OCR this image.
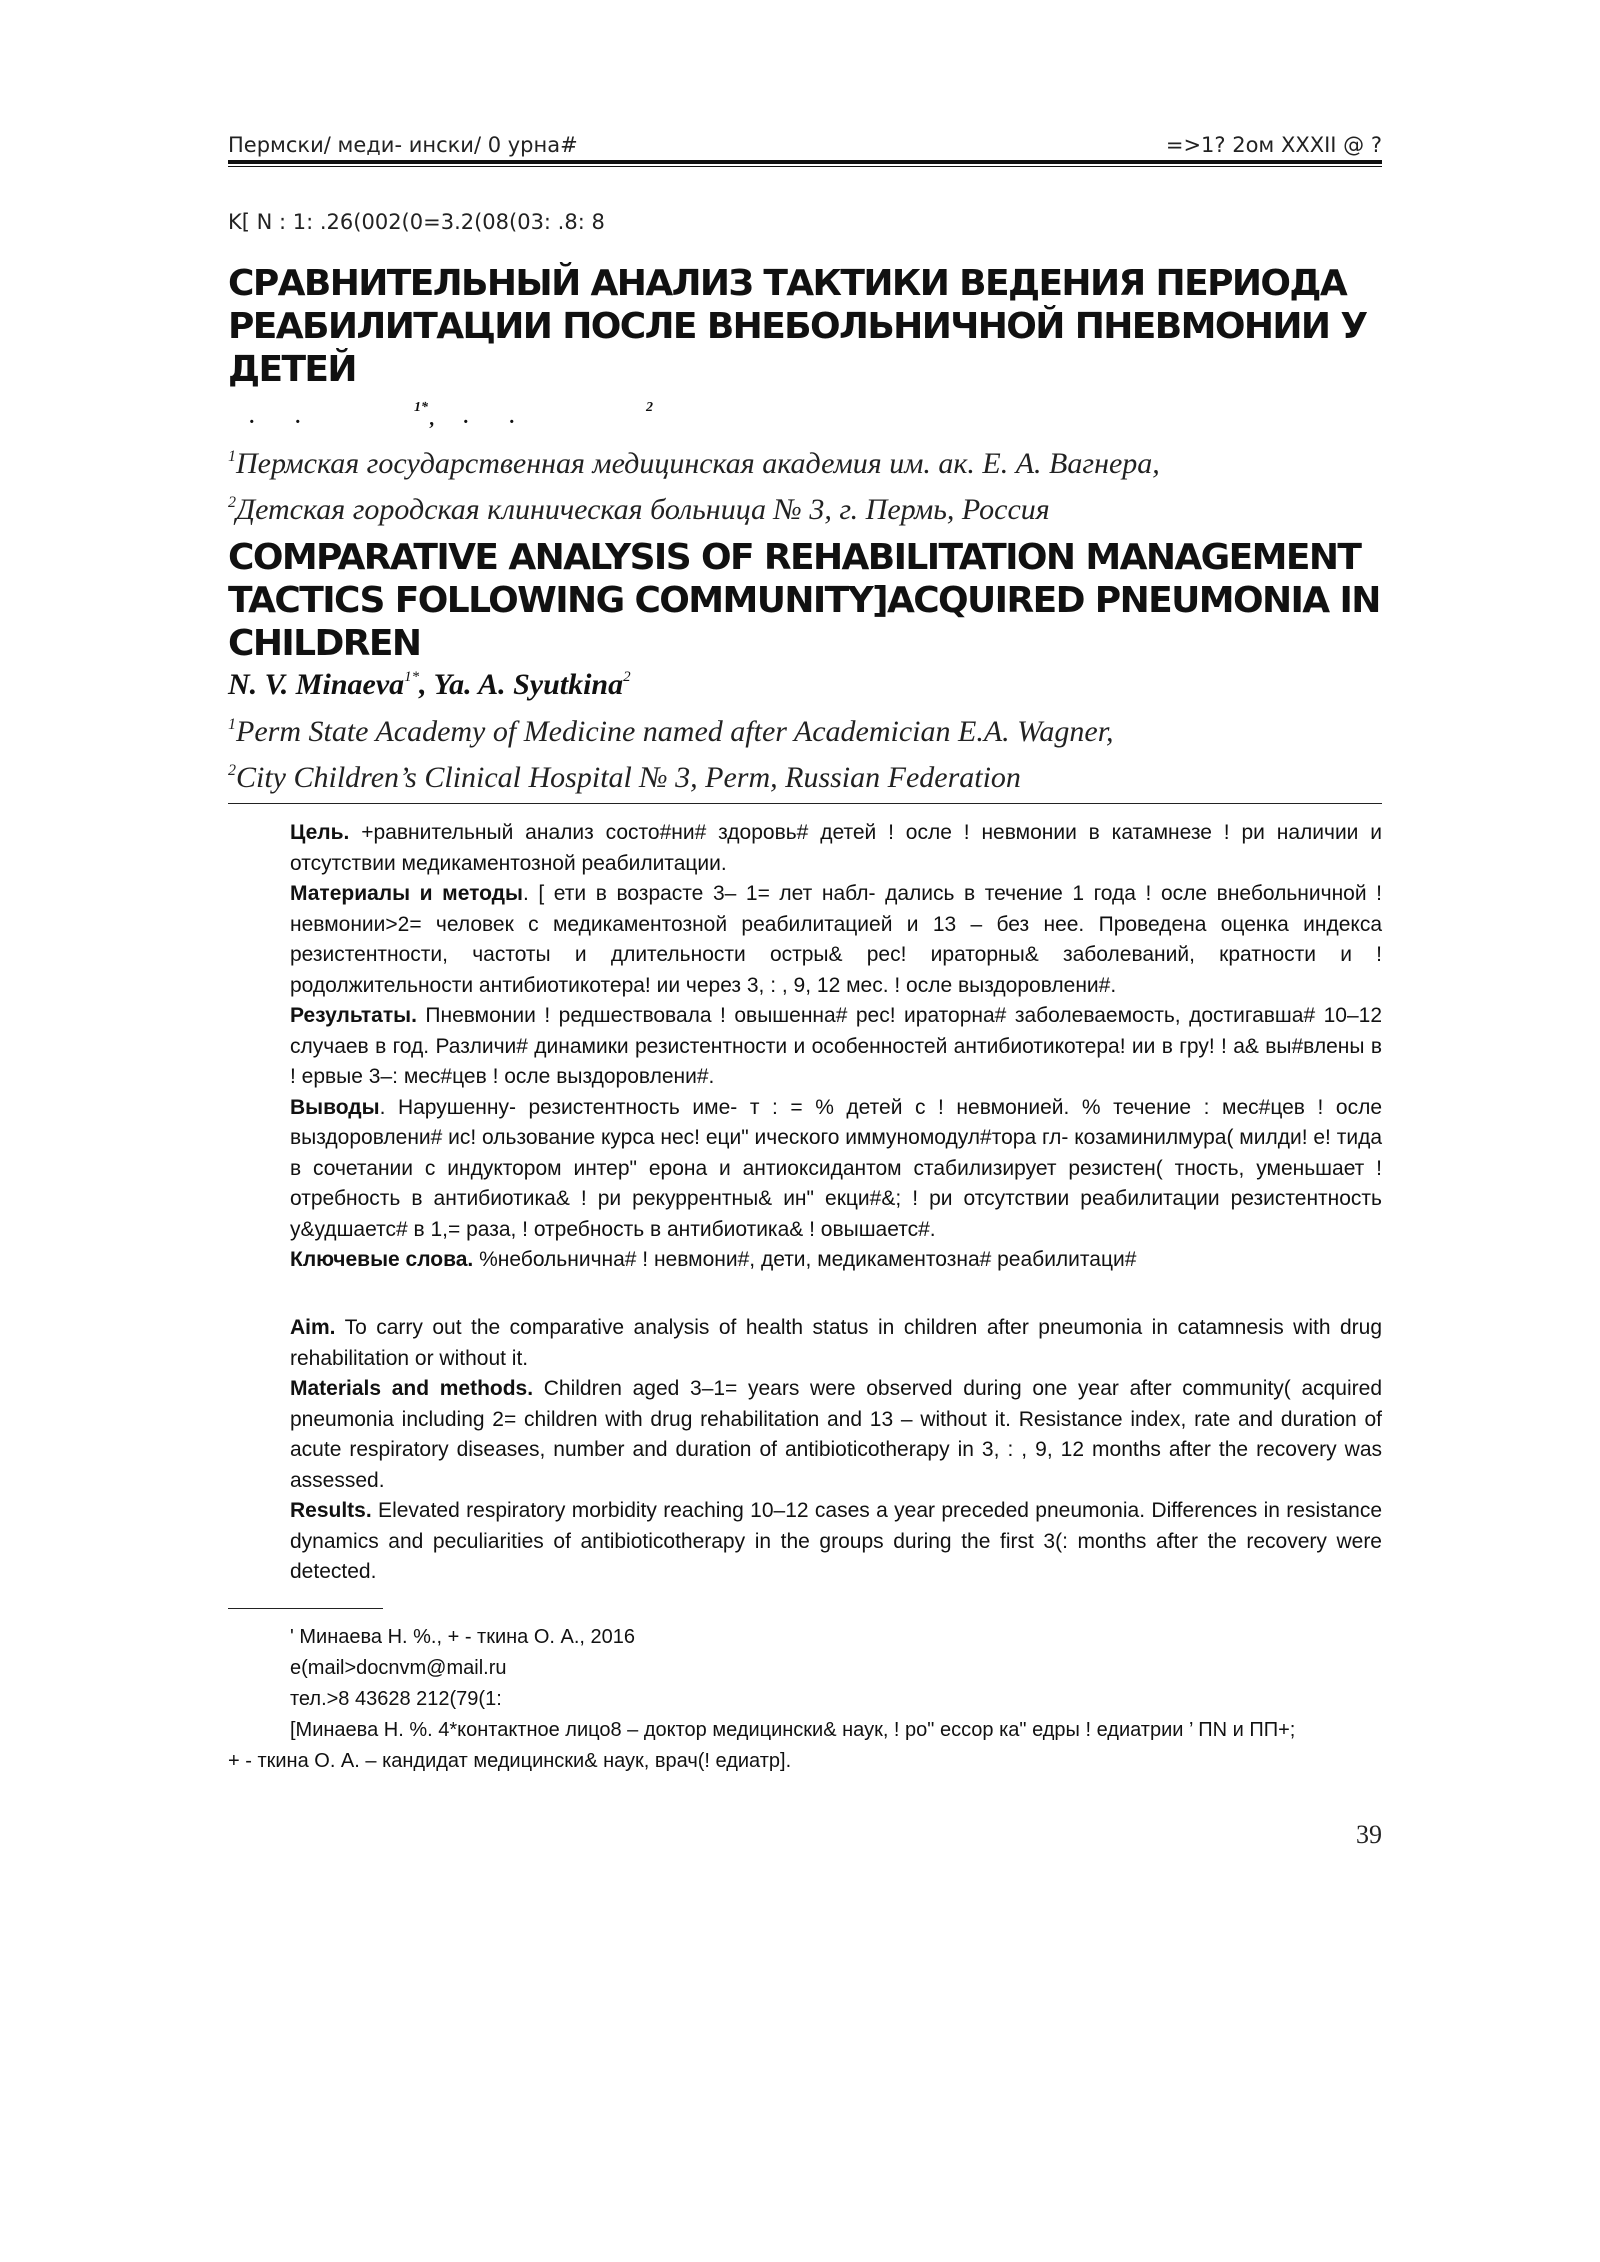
Пермски/ меди- ински/ 0 урна#	=>1? 2ом XXXII @ ?
K[ N : 1: .26(002(0=3.2(08(03: .8: 8
СРАВНИТЕЛЬНЫЙ АНАЛИЗ ТАКТИКИ ВЕДЕНИЯ ПЕРИОДА РЕАБИЛИТАЦИИ ПОСЛЕ ВНЕБОЛЬНИЧНОЙ ПНЕВМОНИИ У ДЕТЕЙ
. .	1*
, . .	2
$^1$Пермская государственная медицинская академия им. ак. Е. А. Вагнера,
$^2$Детская городская клиническая больница № 3, г. Пермь, Россия
COMPARATIVE ANALYSIS OF REHABILITATION MANAGEMENT TACTICS FOLLOWING COMMUNITY]ACQUIRED PNEUMONIA IN CHILDREN
N. V. Minaeva$^{1*}$, Ya. A. Syutkina$^2$
$^1$Perm State Academy of Medicine named after Academician E.A. Wagner,
$^2$City Children’s Clinical Hospital № 3, Perm, Russian Federation

Цель. +равнительный анализ состо#ни# здоровь# детей ! осле ! невмонии в катамнезе ! ри наличии и отсутствии медикаментозной реабилитации.

Материалы и методы. [ ети в возрасте 3– 1= лет набл- дались в течение 1 года ! осле внебольничной ! невмонии>2= человек с медикаментозной реабилитацией и 13 – без нее. Проведена оценка индекса резистентности, частоты и длительности остры& рес! ираторны& заболеваний, кратности и ! родолжительности антибиотикотера! ии через 3, : , 9, 12 мес. ! осле выздоровлени#.

Результаты. Пневмонии ! редшествовала ! овышенна# рес! ираторна# заболеваемость, достигавша# 10–12 случаев в год. Различи# динамики резистентности и особенностей антибиотикотера! ии в гру! ! а& вы#влены в ! ервые 3–: мес#цев ! осле выздоровлени#.

Выводы. Нарушенну- резистентность име- т : = % детей с ! невмонией. % течение : мес#цев ! осле выздоровлени# ис! ользование курса нес! еци" ического иммуномодул#тора гл- козаминилмура( милди! е! тида в сочетании с индуктором интер" ерона и антиоксидантом стабилизирует резистен( тность, уменьшает ! отребность в антибиотика& ! ри рекуррентны& ин" екци#&; ! ри отсутствии реабилитации резистентность у&удшаетс# в 1,= раза, ! отребность в антибиотика& ! овышаетс#.

Ключевые слова. %небольнична# ! невмони#, дети, медикаментозна# реабилитаци#

Aim. To carry out the comparative analysis of health status in children after pneumonia in catamnesis with drug rehabilitation or without it.

Materials and methods. Children aged 3–1= years were observed during one year after community( acquired pneumonia including 2= children with drug rehabilitation and 13 – without it. Resistance index, rate and duration of acute respiratory diseases, number and duration of antibioticotherapy in 3, : , 9, 12 months after the recovery was assessed.

Results. Elevated respiratory morbidity reaching 10–12 cases a year preceded pneumonia. Differences in resistance dynamics and peculiarities of antibioticotherapy in the groups during the first 3(: months after the recovery were detected.

' Минаева Н. %., + - ткина О. А., 2016

e(mail>docnvm@mail.ru

тел.>8 43628 212(79(1:

[Минаева Н. %. 4*контактное лицо8 – доктор медицински& наук, ! ро" ессор ка" едры ! едиатрии ’ ПN и ПП+;

+ - ткина О. А. – кандидат медицински& наук, врач(! едиатр].

39
